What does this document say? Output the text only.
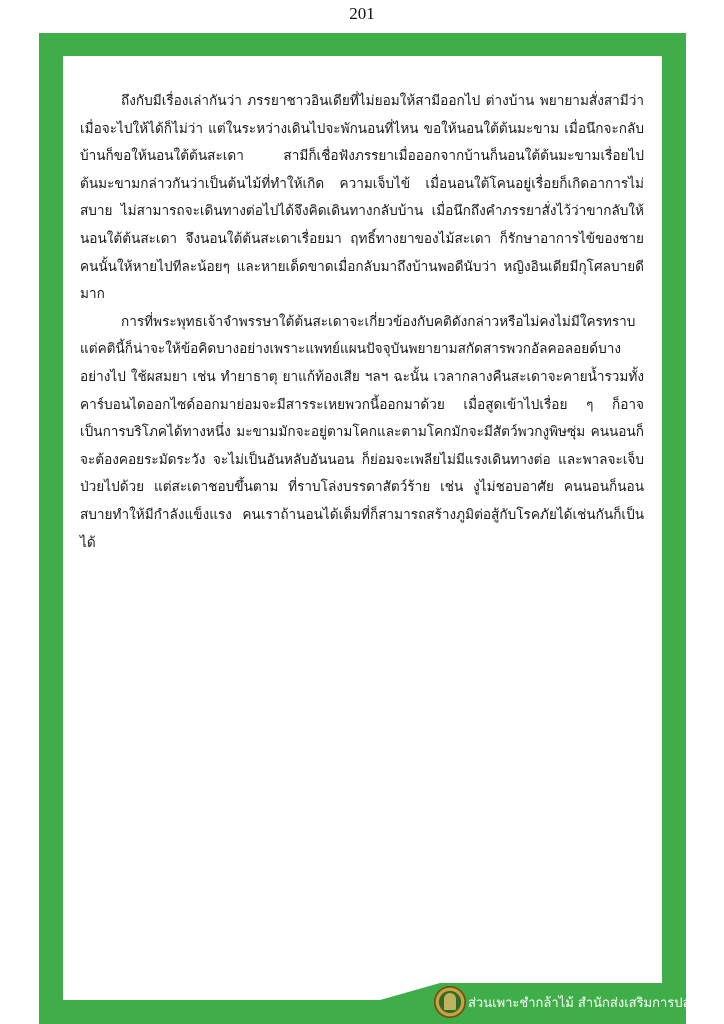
201

ถึงกับมีเรื่องเล่ากันว่า ภรรยาชาวอินเดียที่ไม่ยอมให้สามีออกไป ต่างบ้าน พยายามสั่งสามีว่า เมื่อจะไปให้ได้ก็ไม่ว่า แต่ในระหว่างเดินไปจะพักนอนที่ไหน ขอให้นอนใต้ต้นมะขาม เมื่อนึกจะกลับบ้านก็ขอให้นอนใต้ต้นสะเดา สามีก็เชื่อฟังภรรยาเมื่อออกจากบ้านก็นอนใต้ต้นมะขามเรื่อยไป ต้นมะขามกล่าวกันว่าเป็นต้นไม้ที่ทำให้เกิด ความเจ็บไข้ เมื่อนอนใต้โคนอยู่เรื่อยก็เกิดอาการไม่สบาย ไม่สามารถจะเดินทางต่อไปได้จึงคิดเดินทางกลับบ้าน เมื่อนึกถึงคำภรรยาสั่งไว้ว่าขากลับให้นอนใต้ต้นสะเดา จึงนอนใต้ต้นสะเดาเรื่อยมา ฤทธิ์ทางยาของไม้สะเดา ก็รักษาอาการไข้ของชายคนนั้นให้หายไปทีละน้อยๆ และหายเด็ดขาดเมื่อกลับมาถึงบ้านพอดีนับว่า หญิงอินเดียมีกุโศลบายดีมาก

การที่พระพุทธเจ้าจำพรรษาใต้ต้นสะเดาจะเกี่ยวข้องกับคติดังกล่าวหรือไม่คงไม่มีใครทราบแต่คตินี้ก็น่าจะให้ข้อคิดบางอย่างเพราะแพทย์แผนปัจจุบันพยายามสกัดสารพวกอัลคอลอยด์บางอย่างไป ใช้ผสมยา เช่น ทำยาธาตุ ยาแก้ท้องเสีย ฯลฯ ฉะนั้น เวลากลางคืนสะเดาจะคายน้ำรวมทั้งคาร์บอนไดออกไซด์ออกมาย่อมจะมีสารระเหยพวกนี้ออกมาด้วย เมื่อสูดเข้าไปเรื่อย ๆ ก็อาจเป็นการบริโภคได้ทางหนึ่ง มะขามมักจะอยู่ตามโคกและตามโคกมักจะมีสัตว์พวกงูพิษซุ่ม คนนอนก็จะต้องคอยระมัดระวัง จะไม่เป็นอันหลับอันนอน ก็ย่อมจะเพลียไม่มีแรงเดินทางต่อ และพาลจะเจ็บป่วยไปด้วย แต่สะเดาชอบขึ้นตาม ที่ราบโล่งบรรดาสัตว์ร้าย เช่น งูไม่ชอบอาศัย คนนอนก็นอนสบายทำให้มีกำลังแข็งแรง คนเราถ้านอนได้เต็มที่ก็สามารถสร้างภูมิต่อสู้กับโรคภัยได้เช่นกันก็เป็นได้

ส่วนเพาะชำกล้าไม้ สำนักส่งเสริมการปลูกป่า
